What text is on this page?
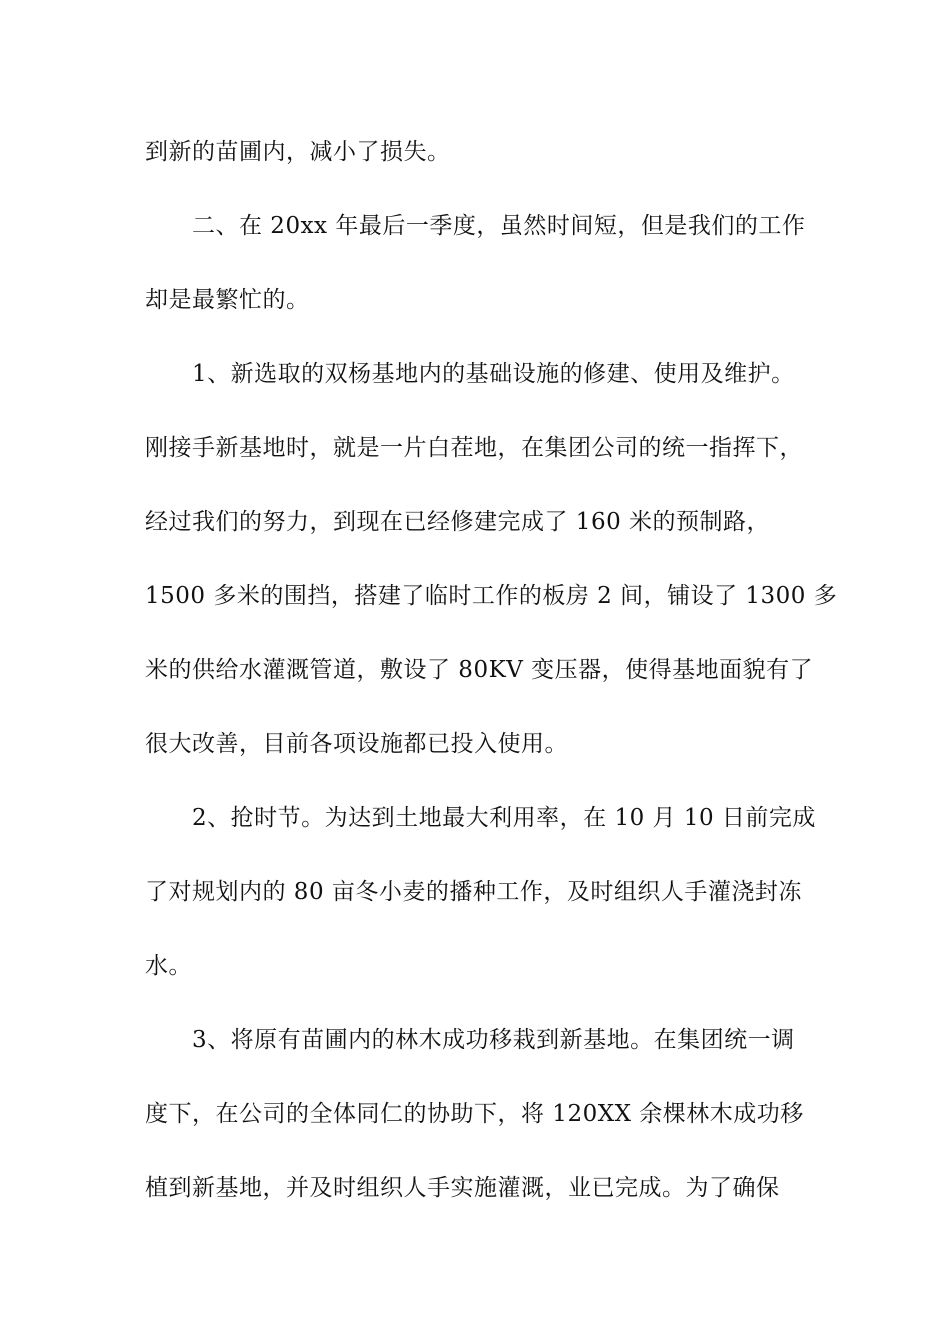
到新的苗圃内，减小了损失。
二、在 20xx 年最后一季度，虽然时间短，但是我们的工作
却是最繁忙的。
1、新选取的双杨基地内的基础设施的修建、使用及维护。
刚接手新基地时，就是一片白茬地，在集团公司的统一指挥下，
经过我们的努力，到现在已经修建完成了 160 米的预制路，
1500 多米的围挡，搭建了临时工作的板房 2 间，铺设了 1300 多
米的供给水灌溉管道，敷设了 80KV 变压器，使得基地面貌有了
很大改善，目前各项设施都已投入使用。
2、抢时节。为达到土地最大利用率，在 10 月 10 日前完成
了对规划内的 80 亩冬小麦的播种工作，及时组织人手灌浇封冻
水。
3、将原有苗圃内的林木成功移栽到新基地。在集团统一调
度下，在公司的全体同仁的协助下，将 120XX 余棵林木成功移
植到新基地，并及时组织人手实施灌溉，业已完成。为了确保
